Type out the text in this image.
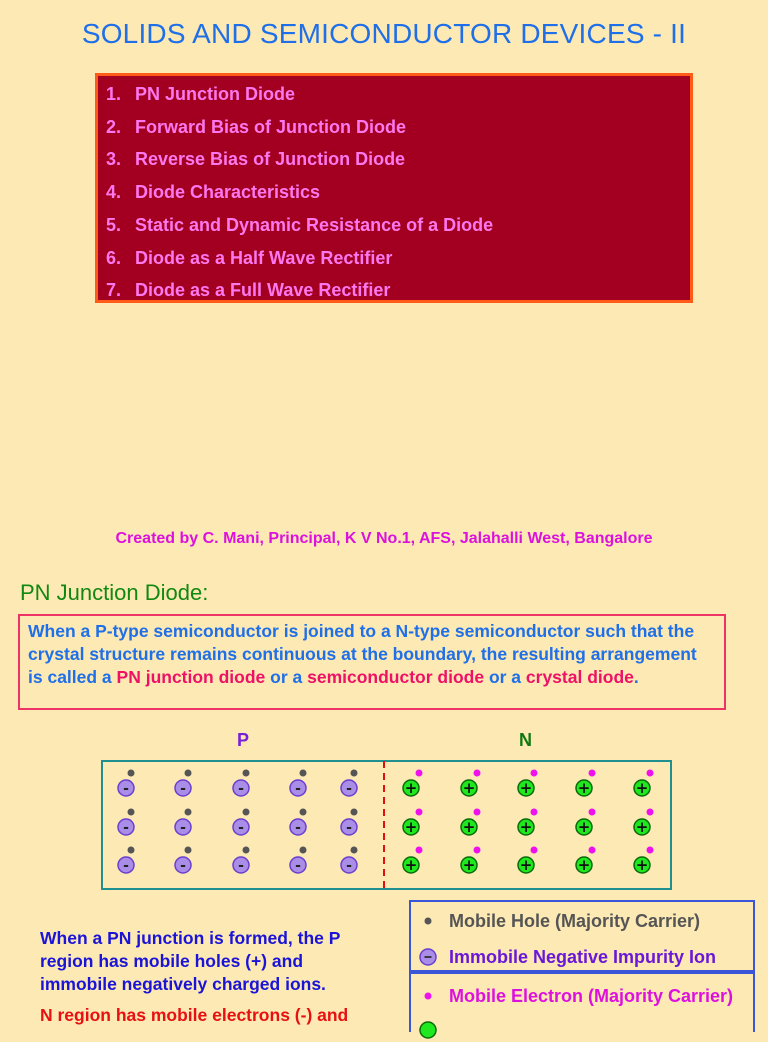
SOLIDS AND SEMICONDUCTOR DEVICES - II
1. PN Junction Diode
2. Forward Bias of Junction Diode
3. Reverse Bias of Junction Diode
4. Diode Characteristics
5. Static and Dynamic Resistance of a Diode
6. Diode as a Half Wave Rectifier
7. Diode as a Full Wave Rectifier
Created by C. Mani, Principal, K V No.1, AFS, Jalahalli West, Bangalore
PN Junction Diode:
When a P-type semiconductor is joined to a N-type semiconductor such that the crystal structure remains continuous at the boundary, the resulting arrangement is called a PN junction diode or a semiconductor diode or a crystal diode.
P	N
-	-	-	-	-	+	+	+	+	+
-	-	-	-	-	+	+	+	+	+
-	-	-	-	-	+	+	+	+	+
When a PN junction is formed, the P region has mobile holes (+) and immobile negatively charged ions.
N region has mobile electrons (-) and
Mobile Hole (Majority Carrier)
Immobile Negative Impurity Ion
Mobile Electron (Majority Carrier)
